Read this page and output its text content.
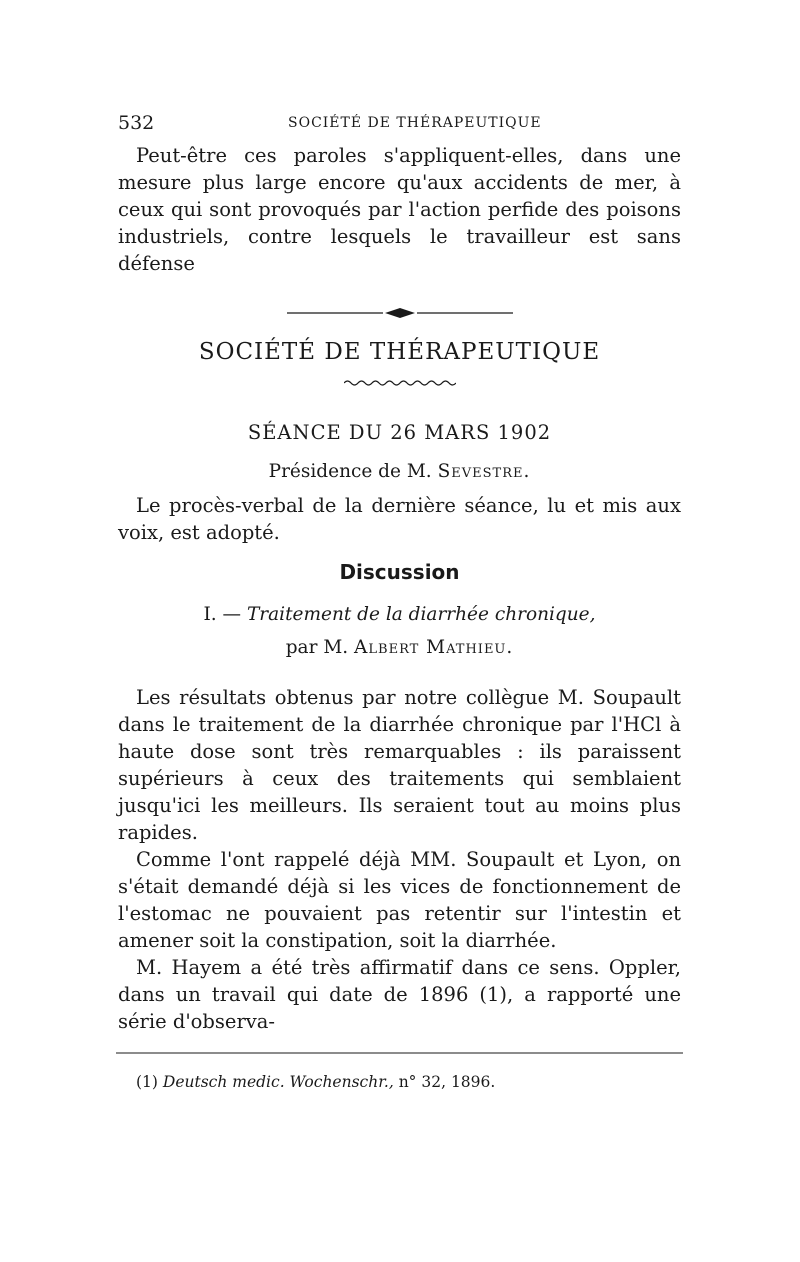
532	SOCIÉTÉ DE THÉRAPEUTIQUE

Peut-être ces paroles s'appliquent-elles, dans une mesure plus large encore qu'aux accidents de mer, à ceux qui sont provoqués par l'action perfide des poisons industriels, contre lesquels le travailleur est sans défense

SOCIÉTÉ DE THÉRAPEUTIQUE
SÉANCE DU 26 MARS 1902
Présidence de M. Sevestre.

Le procès-verbal de la dernière séance, lu et mis aux voix, est adopté.

Discussion
I. — Traitement de la diarrhée chronique,
par M. Albert Mathieu.

Les résultats obtenus par notre collègue M. Soupault dans le traitement de la diarrhée chronique par l'HCl à haute dose sont très remarquables : ils paraissent supérieurs à ceux des traitements qui semblaient jusqu'ici les meilleurs. Ils seraient tout au moins plus rapides.

Comme l'ont rappelé déjà MM. Soupault et Lyon, on s'était demandé déjà si les vices de fonctionnement de l'estomac ne pouvaient pas retentir sur l'intestin et amener soit la constipation, soit la diarrhée.

M. Hayem a été très affirmatif dans ce sens. Oppler, dans un travail qui date de 1896 (1), a rapporté une série d'observa-

(1) Deutsch medic. Wochenschr., n° 32, 1896.
